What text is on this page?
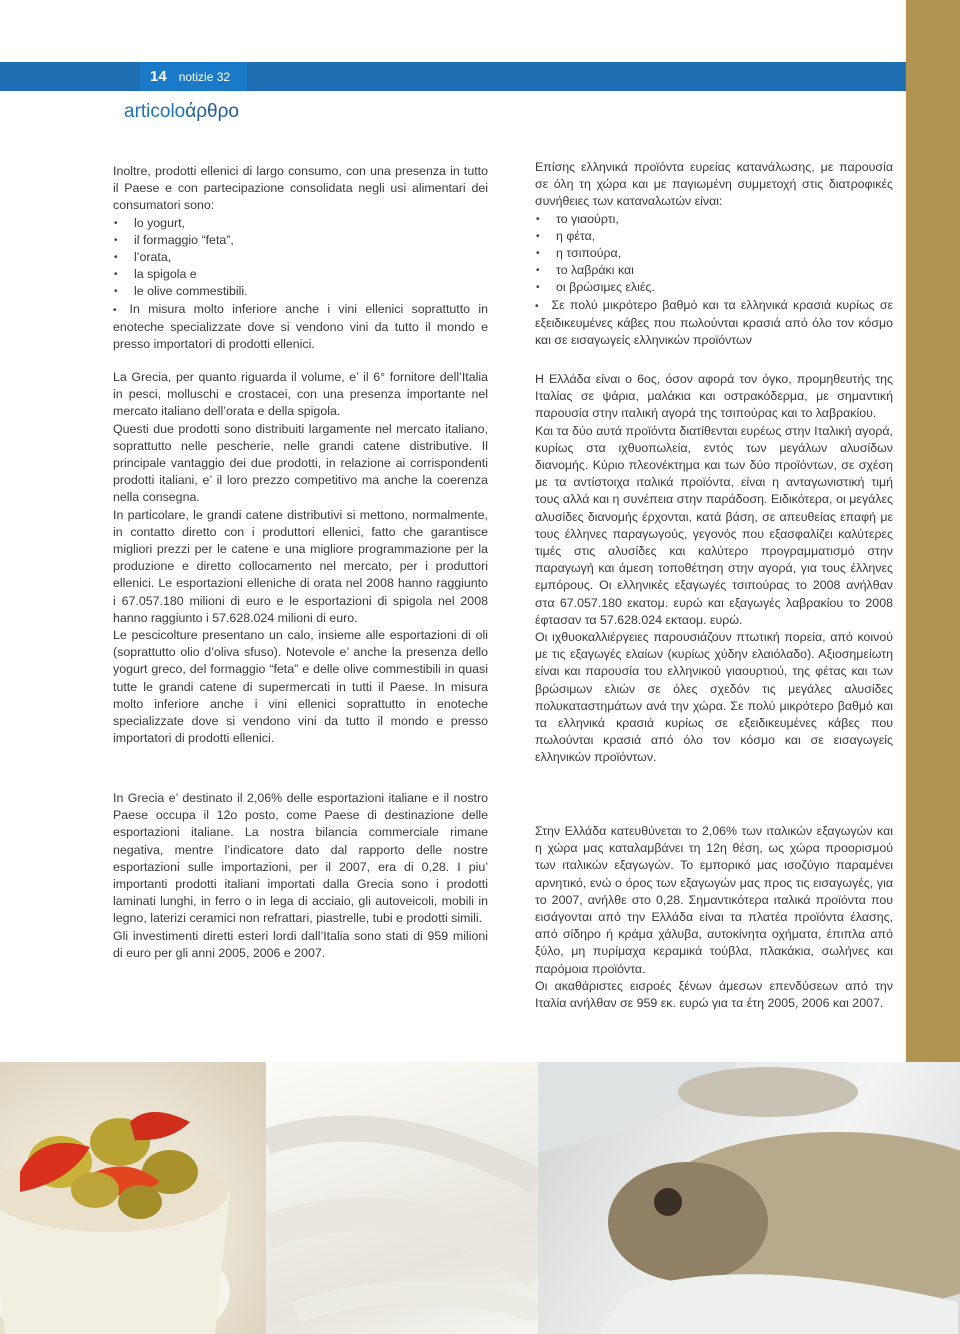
14 notizie 32
articoloάρθρο

Inoltre, prodotti ellenici di largo consumo, con una presenza in tutto il Paese e con partecipazione consolidata negli usi alimentari dei consumatori sono:

• lo yogurt,
• il formaggio “feta”,
• l’orata,
• la spigola e
• le olive commestibili.

• In misura molto inferiore anche i vini ellenici soprattutto in enoteche specializzate dove si vendono vini da tutto il mondo e presso importatori di prodotti ellenici.

La Grecia, per quanto riguarda il volume, e’ il 6° fornitore dell’Italia in pesci, molluschi e crostacei, con una presenza importante nel mercato italiano dell’orata e della spigola.

Questi due prodotti sono distribuiti largamente nel mercato italiano, soprattutto nelle pescherie, nelle grandi catene distributive. Il principale vantaggio dei due prodotti, in relazione ai corrispondenti prodotti italiani, e’ il loro prezzo competitivo ma anche la coerenza nella consegna.

In particolare, le grandi catene distributivi si mettono, normalmente, in contatto diretto con i produttori ellenici, fatto che garantisce migliori prezzi per le catene e una migliore programmazione per la produzione e diretto collocamento nel mercato, per i produttori ellenici. Le esportazioni elleniche di orata nel 2008 hanno raggiunto i 67.057.180 milioni di euro e le esportazioni di spigola nel 2008 hanno raggiunto i 57.628.024 milioni di euro.

Le pescicolture presentano un calo, insieme alle esportazioni di oli (soprattutto olio d’oliva sfuso). Notevole e’ anche la presenza dello yogurt greco, del formaggio “feta” e delle olive commestibili in quasi tutte le grandi catene di supermercati in tutti il Paese. In misura molto inferiore anche i vini ellenici soprattutto in enoteche specializzate dove si vendono vini da tutto il mondo e presso importatori di prodotti ellenici.

In Grecia e’ destinato il 2,06% delle esportazioni italiane e il nostro Paese occupa il 12o posto, come Paese di destinazione delle esportazioni italiane. La nostra bilancia commerciale rimane negativa, mentre l’indicatore dato dal rapporto delle nostre esportazioni sulle importazioni, per il 2007, era di 0,28. I piu’ importanti prodotti italiani importati dalla Grecia sono i prodotti laminati lunghi, in ferro o in lega di acciaio, gli autoveicoli, mobili in legno, laterizi ceramici non refrattari, piastrelle, tubi e prodotti simili.

Gli investimenti diretti esteri lordi dall’Italia sono stati di 959 milioni di euro per gli anni 2005, 2006 e 2007.

Επίσης ελληνικά προϊόντα ευρείας κατανάλωσης, με παρουσία σε όλη τη χώρα και με παγιωμένη συμμετοχή στις διατροφικές συνήθειες των καταναλωτών είναι:

• το γιαούρτι,
• η φέτα,
• η τσιπούρα,
• το λαβράκι και
• οι βρώσιμες ελιές.

• Σε πολύ μικρότερο βαθμό και τα ελληνικά κρασιά κυρίως σε εξειδικευμένες κάβες που πωλούνται κρασιά από όλο τον κόσμο και σε εισαγωγείς ελληνικών προϊόντων

Η Ελλάδα είναι ο 6ος, όσον αφορά τον όγκο, προμηθευτής της Ιταλίας σε ψάρια, μαλάκια και οστρακόδερμα, με σημαντική παρουσία στην ιταλική αγορά της τσιπούρας και το λαβρακίου.

Και τα δύο αυτά προϊόντα διατίθενται ευρέως στην Ιταλική αγορά, κυρίως στα ιχθυοπωλεία, εντός των μεγάλων αλυσίδων διανομής. Κύριο πλεονέκτημα και των δύο προϊόντων, σε σχέση με τα αντίστοιχα ιταλικά προϊόντα, είναι η ανταγωνιστική τιμή τους αλλά και η συνέπεια στην παράδοση. Ειδικότερα, οι μεγάλες αλυσίδες διανομής έρχονται, κατά βάση, σε απευθείας επαφή με τους έλληνες παραγωγούς, γεγονός που εξασφαλίζει καλύτερες τιμές στις αλυσίδες και καλύτερο προγραμματισμό στην παραγωγή και άμεση τοποθέτηση στην αγορά, για τους έλληνες εμπόρους. Οι ελληνικές εξαγωγές τσιπούρας το 2008 ανήλθαν στα 67.057.180 εκατομ. ευρώ και εξαγωγές λαβρακίου το 2008 έφτασαν τα 57.628.024 εκταομ. ευρώ.

Οι ιχθυοκαλλιέργειες παρουσιάζουν πτωτική πορεία, από κοινού με τις εξαγωγές ελαίων (κυρίως χύδην ελαιόλαδο). Αξιοσημείωτη είναι και παρουσία του ελληνικού γιαουρτιού, της φέτας και των βρώσιμων ελιών σε όλες σχεδόν τις μεγάλες αλυσίδες πολυκαταστημάτων ανά την χώρα. Σε πολύ μικρότερο βαθμό και τα ελληνικά κρασιά κυρίως σε εξειδικευμένες κάβες που πωλούνται κρασιά από όλο τον κόσμο και σε εισαγωγείς ελληνικών προϊόντων.

Στην Ελλάδα κατευθύνεται το 2,06% των ιταλικών εξαγωγών και η χώρα μας καταλαμβάνει τη 12η θέση, ως χώρα προορισμού των ιταλικών εξαγωγών. Το εμπορικό μας ισοζύγιο παραμένει αρνητικό, ενώ ο όρος των εξαγωγών μας προς τις εισαγωγές, για το 2007, ανήλθε στο 0,28. Σημαντικότερα ιταλικά προϊόντα που εισάγονται από την Ελλάδα είναι τα πλατέα προϊόντα έλασης, από σίδηρο ή κράμα χάλυβα, αυτοκίνητα οχήματα, έπιπλα από ξύλο, μη πυρίμαχα κεραμικά τούβλα, πλακάκια, σωλήνες και παρόμοια προϊόντα.

Οι ακαθάριστες εισροές ξένων άμεσων επενδύσεων από την Ιταλία ανήλθαν σε 959 εκ. ευρώ για τα έτη 2005, 2006 και 2007.
